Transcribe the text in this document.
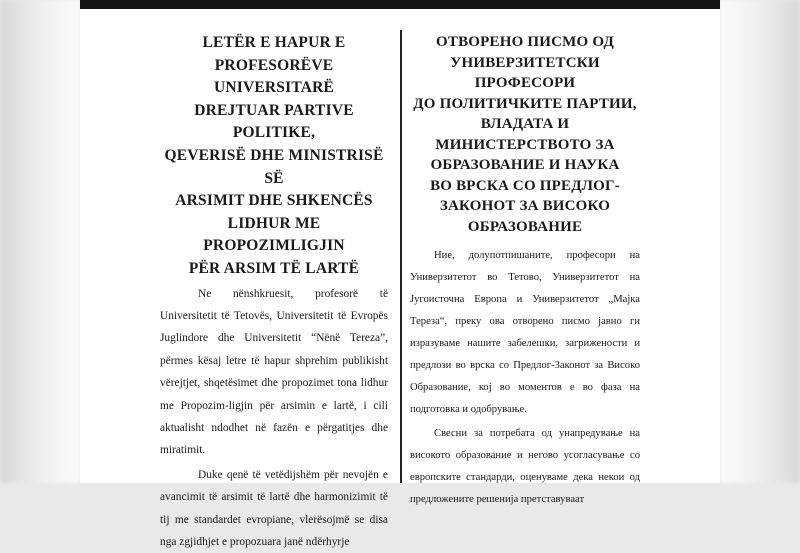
LETËR E HAPUR E
PROFESORËVE UNIVERSITARË
DREJTUAR PARTIVE POLITIKE,
QEVERISË DHE MINISTRISË SË
ARSIMIT DHE SHKENCËS
LIDHUR ME PROPOZIMLIGJIN
PËR ARSIM TË LARTË

Ne nënshkruesit, profesorë të Universitetit të Tetovës, Universitetit të Evropës Juglindore dhe Universitetit “Nënë Tereza”, përmes kësaj letre të hapur shprehim publikisht vërejtjet, shqetësimet dhe propozimet tona lidhur me Propozim-ligjin për arsimin e lartë, i cili aktualisht ndodhet në fazën e përgatitjes dhe miratimit.

Duke qenë të vetëdijshëm për nevojën e avancimit të arsimit të lartë dhe harmonizimit të tij me standardet evropiane, vlerësojmë se disa nga zgjidhjet e propozuara janë ndërhyrje

ОТВОРЕНО ПИСМО ОД
УНИВЕРЗИТЕТСКИ
ПРОФЕСОРИ
ДО ПОЛИТИЧКИТЕ ПАРТИИ,
ВЛАДАТА И
МИНИСТЕРСТВОТО ЗА
ОБРАЗОВАНИЕ И НАУКА
ВО ВРСКА СО ПРЕДЛОГ-
ЗАКОНОТ ЗА ВИСОКО
ОБРАЗОВАНИЕ

Ние, долупотпишаните, професори на Универзитетот во Тетово, Универзитетот на Југоисточна Европа и Универзитетот „Мајка Тереза“, преку ова отворено писмо јавно ги изразуваме нашите забелешки, загрижености и предлози во врска со Предлог-Законот за Високо Образование, кој во моментов е во фаза на подготовка и одобрување.

Свесни за потребата од унапредување на високото образование и негово усогласување со европските стандарди, оценуваме дека некои од предложените решенија претставуваат
